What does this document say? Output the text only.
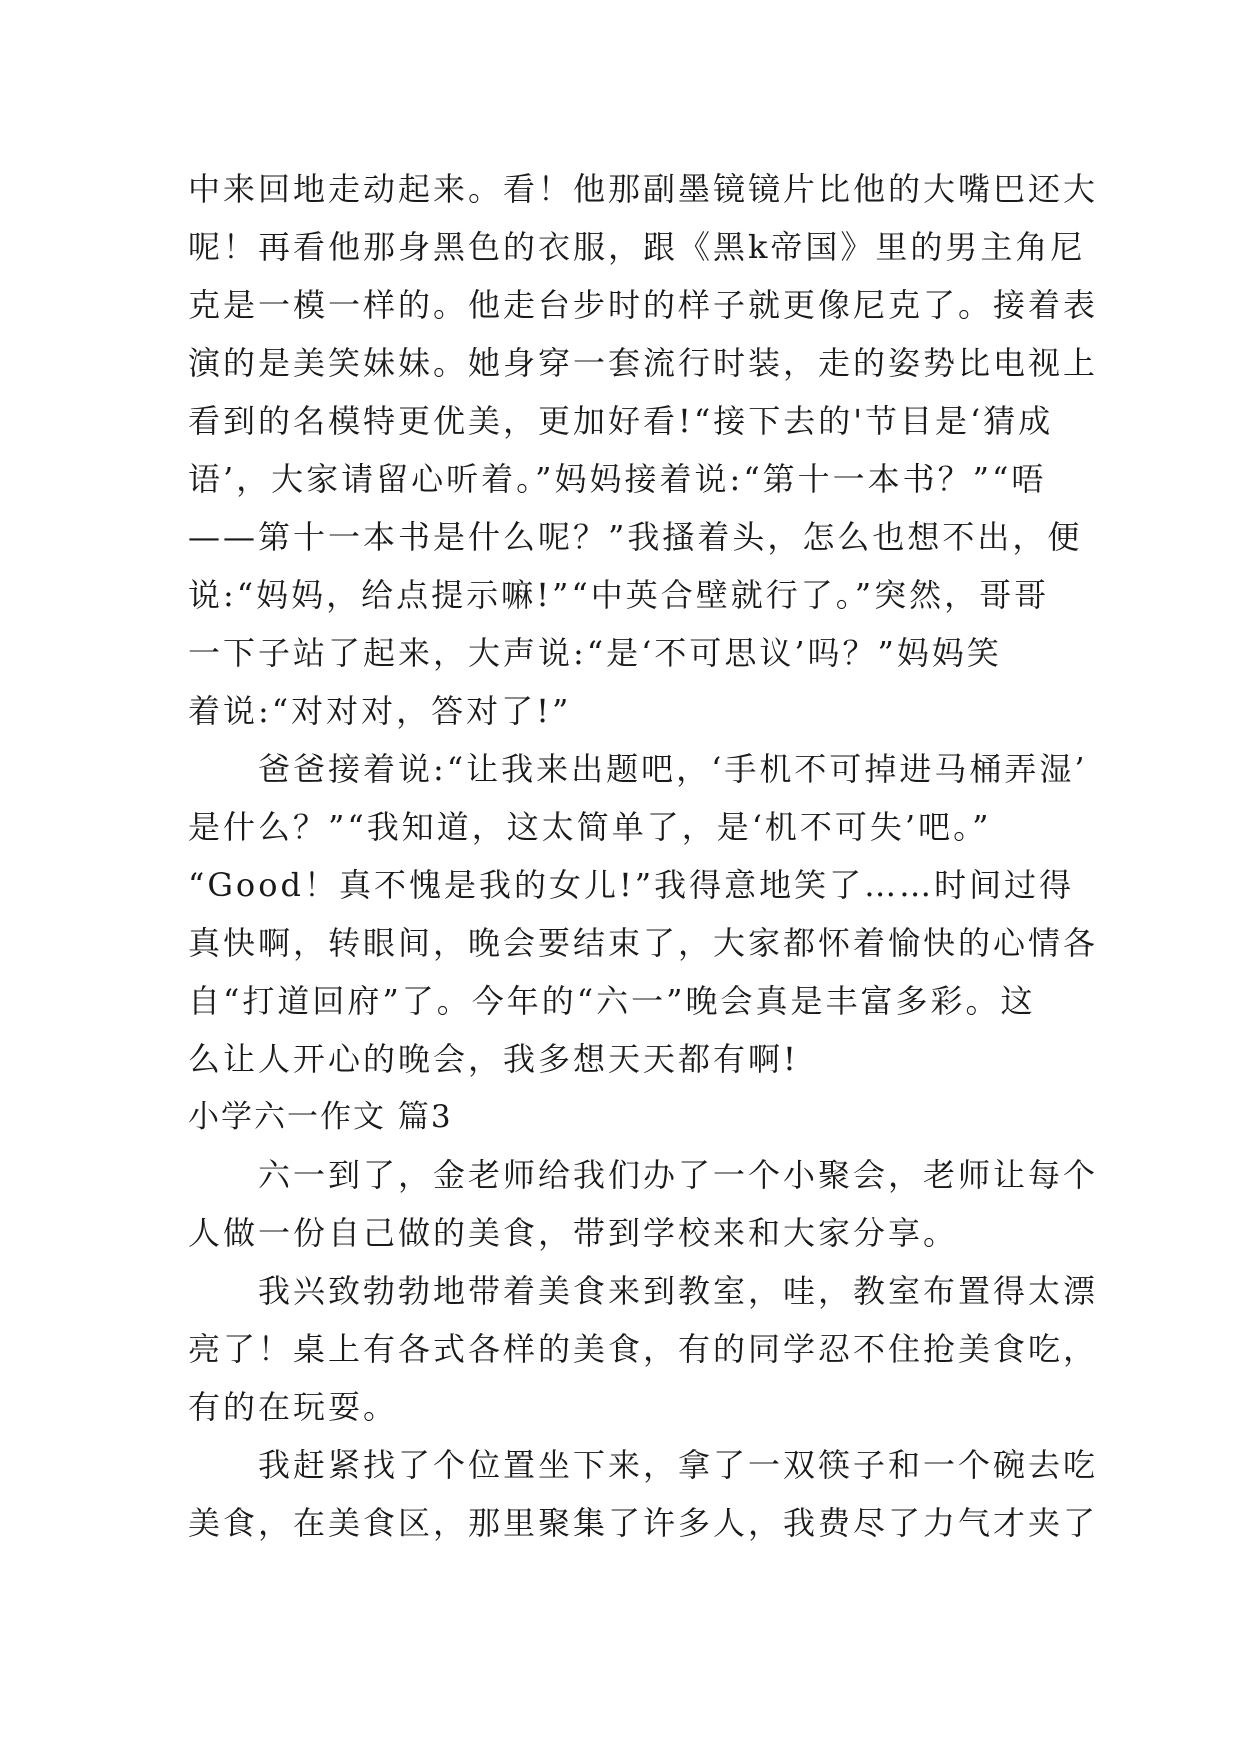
中来回地走动起来。看！他那副墨镜镜片比他的大嘴巴还大
呢！再看他那身黑色的衣服，跟《黑k帝国》里的男主角尼
克是一模一样的。他走台步时的样子就更像尼克了。接着表
演的是美笑妹妹。她身穿一套流行时装，走的姿势比电视上
看到的名模特更优美，更加好看!“接下去的'节目是‘猜成
语’，大家请留心听着。”妈妈接着说:“第十一本书？”“唔
——第十一本书是什么呢？”我搔着头，怎么也想不出，便
说:“妈妈，给点提示嘛!”“中英合壁就行了。”突然，哥哥
一下子站了起来，大声说:“是‘不可思议’吗？”妈妈笑
着说:“对对对，答对了!”
爸爸接着说:“让我来出题吧，‘手机不可掉进马桶弄湿’
是什么？”“我知道，这太简单了，是‘机不可失’吧。”
“Good！真不愧是我的女儿!”我得意地笑了……时间过得
真快啊，转眼间，晚会要结束了，大家都怀着愉快的心情各
自“打道回府”了。今年的“六一”晚会真是丰富多彩。这
么让人开心的晚会，我多想天天都有啊!
小学六一作文 篇3
六一到了，金老师给我们办了一个小聚会，老师让每个
人做一份自己做的美食，带到学校来和大家分享。
我兴致勃勃地带着美食来到教室，哇，教室布置得太漂
亮了！桌上有各式各样的美食，有的同学忍不住抢美食吃，
有的在玩耍。
我赶紧找了个位置坐下来，拿了一双筷子和一个碗去吃
美食，在美食区，那里聚集了许多人，我费尽了力气才夹了
